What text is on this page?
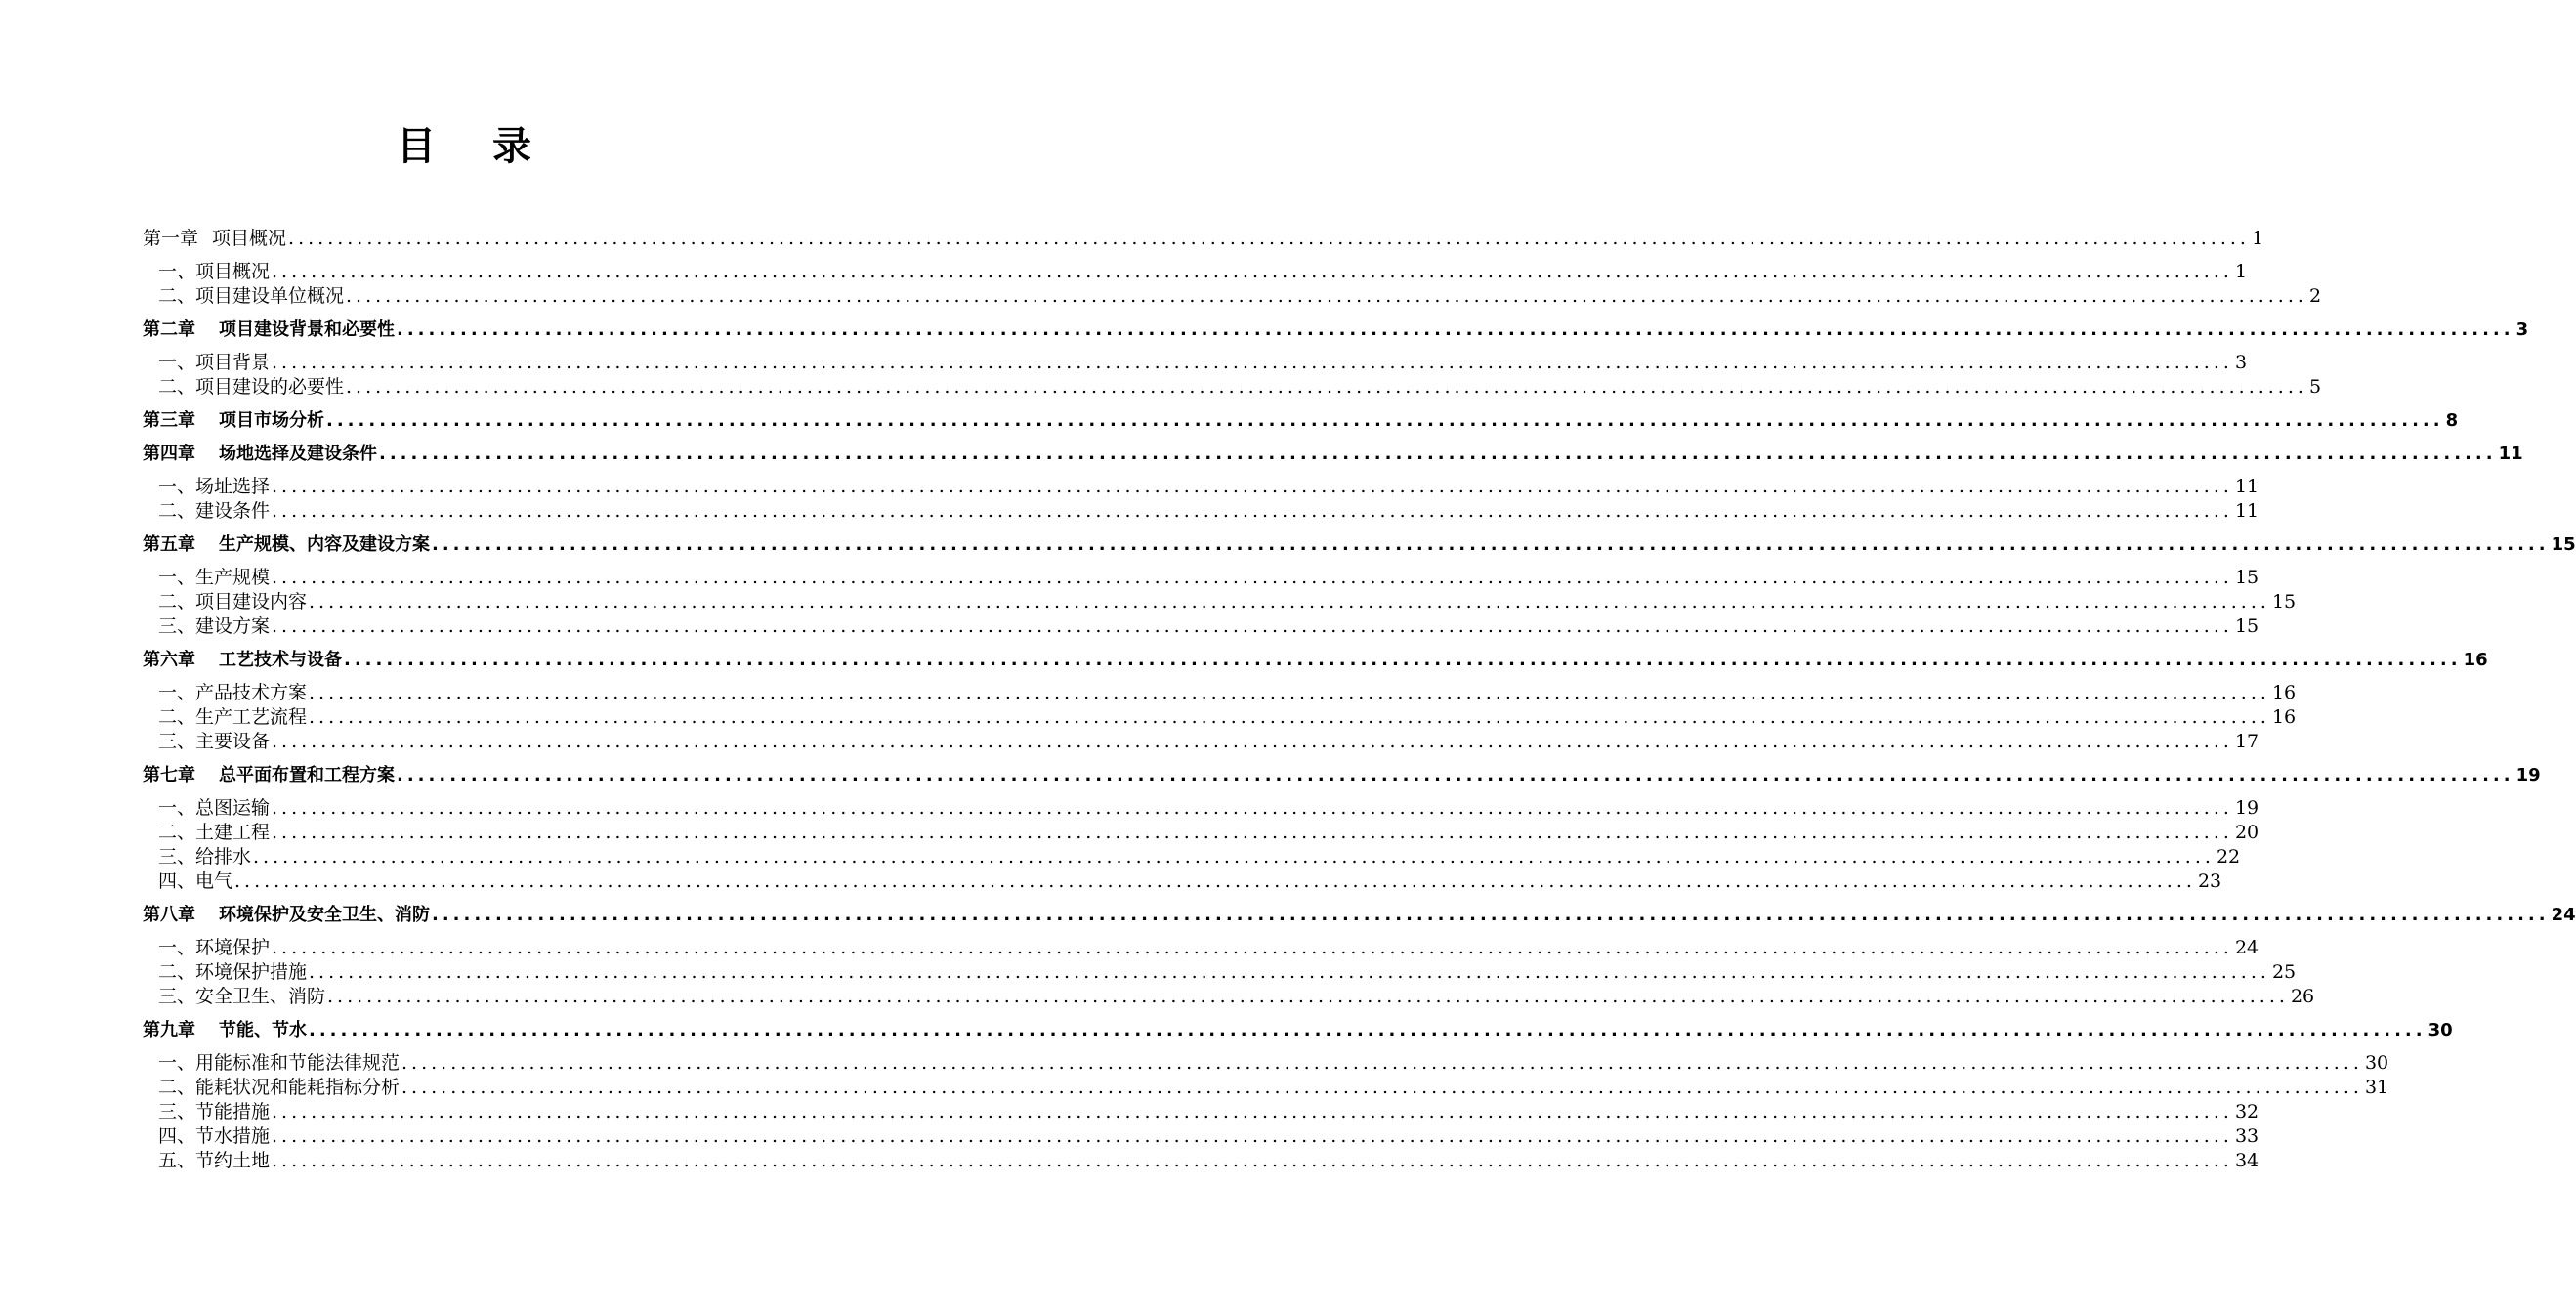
目 录
第一章 项目概况 ........................................................................................................................................................................................................ 1
一、项目概况 ........................................................................................................................................................................................................ 1
二、项目建设单位概况 ........................................................................................................................................................................................................ 2
第二章 项目建设背景和必要性 ........................................................................................................................................................................................................ 3
一、项目背景 ........................................................................................................................................................................................................ 3
二、项目建设的必要性 ........................................................................................................................................................................................................ 5
第三章 项目市场分析 ........................................................................................................................................................................................................ 8
第四章 场地选择及建设条件 ........................................................................................................................................................................................................ 11
一、场址选择 ........................................................................................................................................................................................................ 11
二、建设条件 ........................................................................................................................................................................................................ 11
第五章 生产规模、内容及建设方案 ........................................................................................................................................................................................................ 15
一、生产规模 ........................................................................................................................................................................................................ 15
二、项目建设内容 ........................................................................................................................................................................................................ 15
三、建设方案 ........................................................................................................................................................................................................ 15
第六章 工艺技术与设备 ........................................................................................................................................................................................................ 16
一、产品技术方案 ........................................................................................................................................................................................................ 16
二、生产工艺流程 ........................................................................................................................................................................................................ 16
三、主要设备 ........................................................................................................................................................................................................ 17
第七章 总平面布置和工程方案 ........................................................................................................................................................................................................ 19
一、总图运输 ........................................................................................................................................................................................................ 19
二、土建工程 ........................................................................................................................................................................................................ 20
三、给排水 ........................................................................................................................................................................................................ 22
四、电气 ........................................................................................................................................................................................................ 23
第八章 环境保护及安全卫生、消防 ........................................................................................................................................................................................................ 24
一、环境保护 ........................................................................................................................................................................................................ 24
二、环境保护措施 ........................................................................................................................................................................................................ 25
三、安全卫生、消防 ........................................................................................................................................................................................................ 26
第九章 节能、节水 ........................................................................................................................................................................................................ 30
一、用能标准和节能法律规范 ........................................................................................................................................................................................................ 30
二、能耗状况和能耗指标分析 ........................................................................................................................................................................................................ 31
三、节能措施 ........................................................................................................................................................................................................ 32
四、节水措施 ........................................................................................................................................................................................................ 33
五、节约土地 ........................................................................................................................................................................................................ 34
